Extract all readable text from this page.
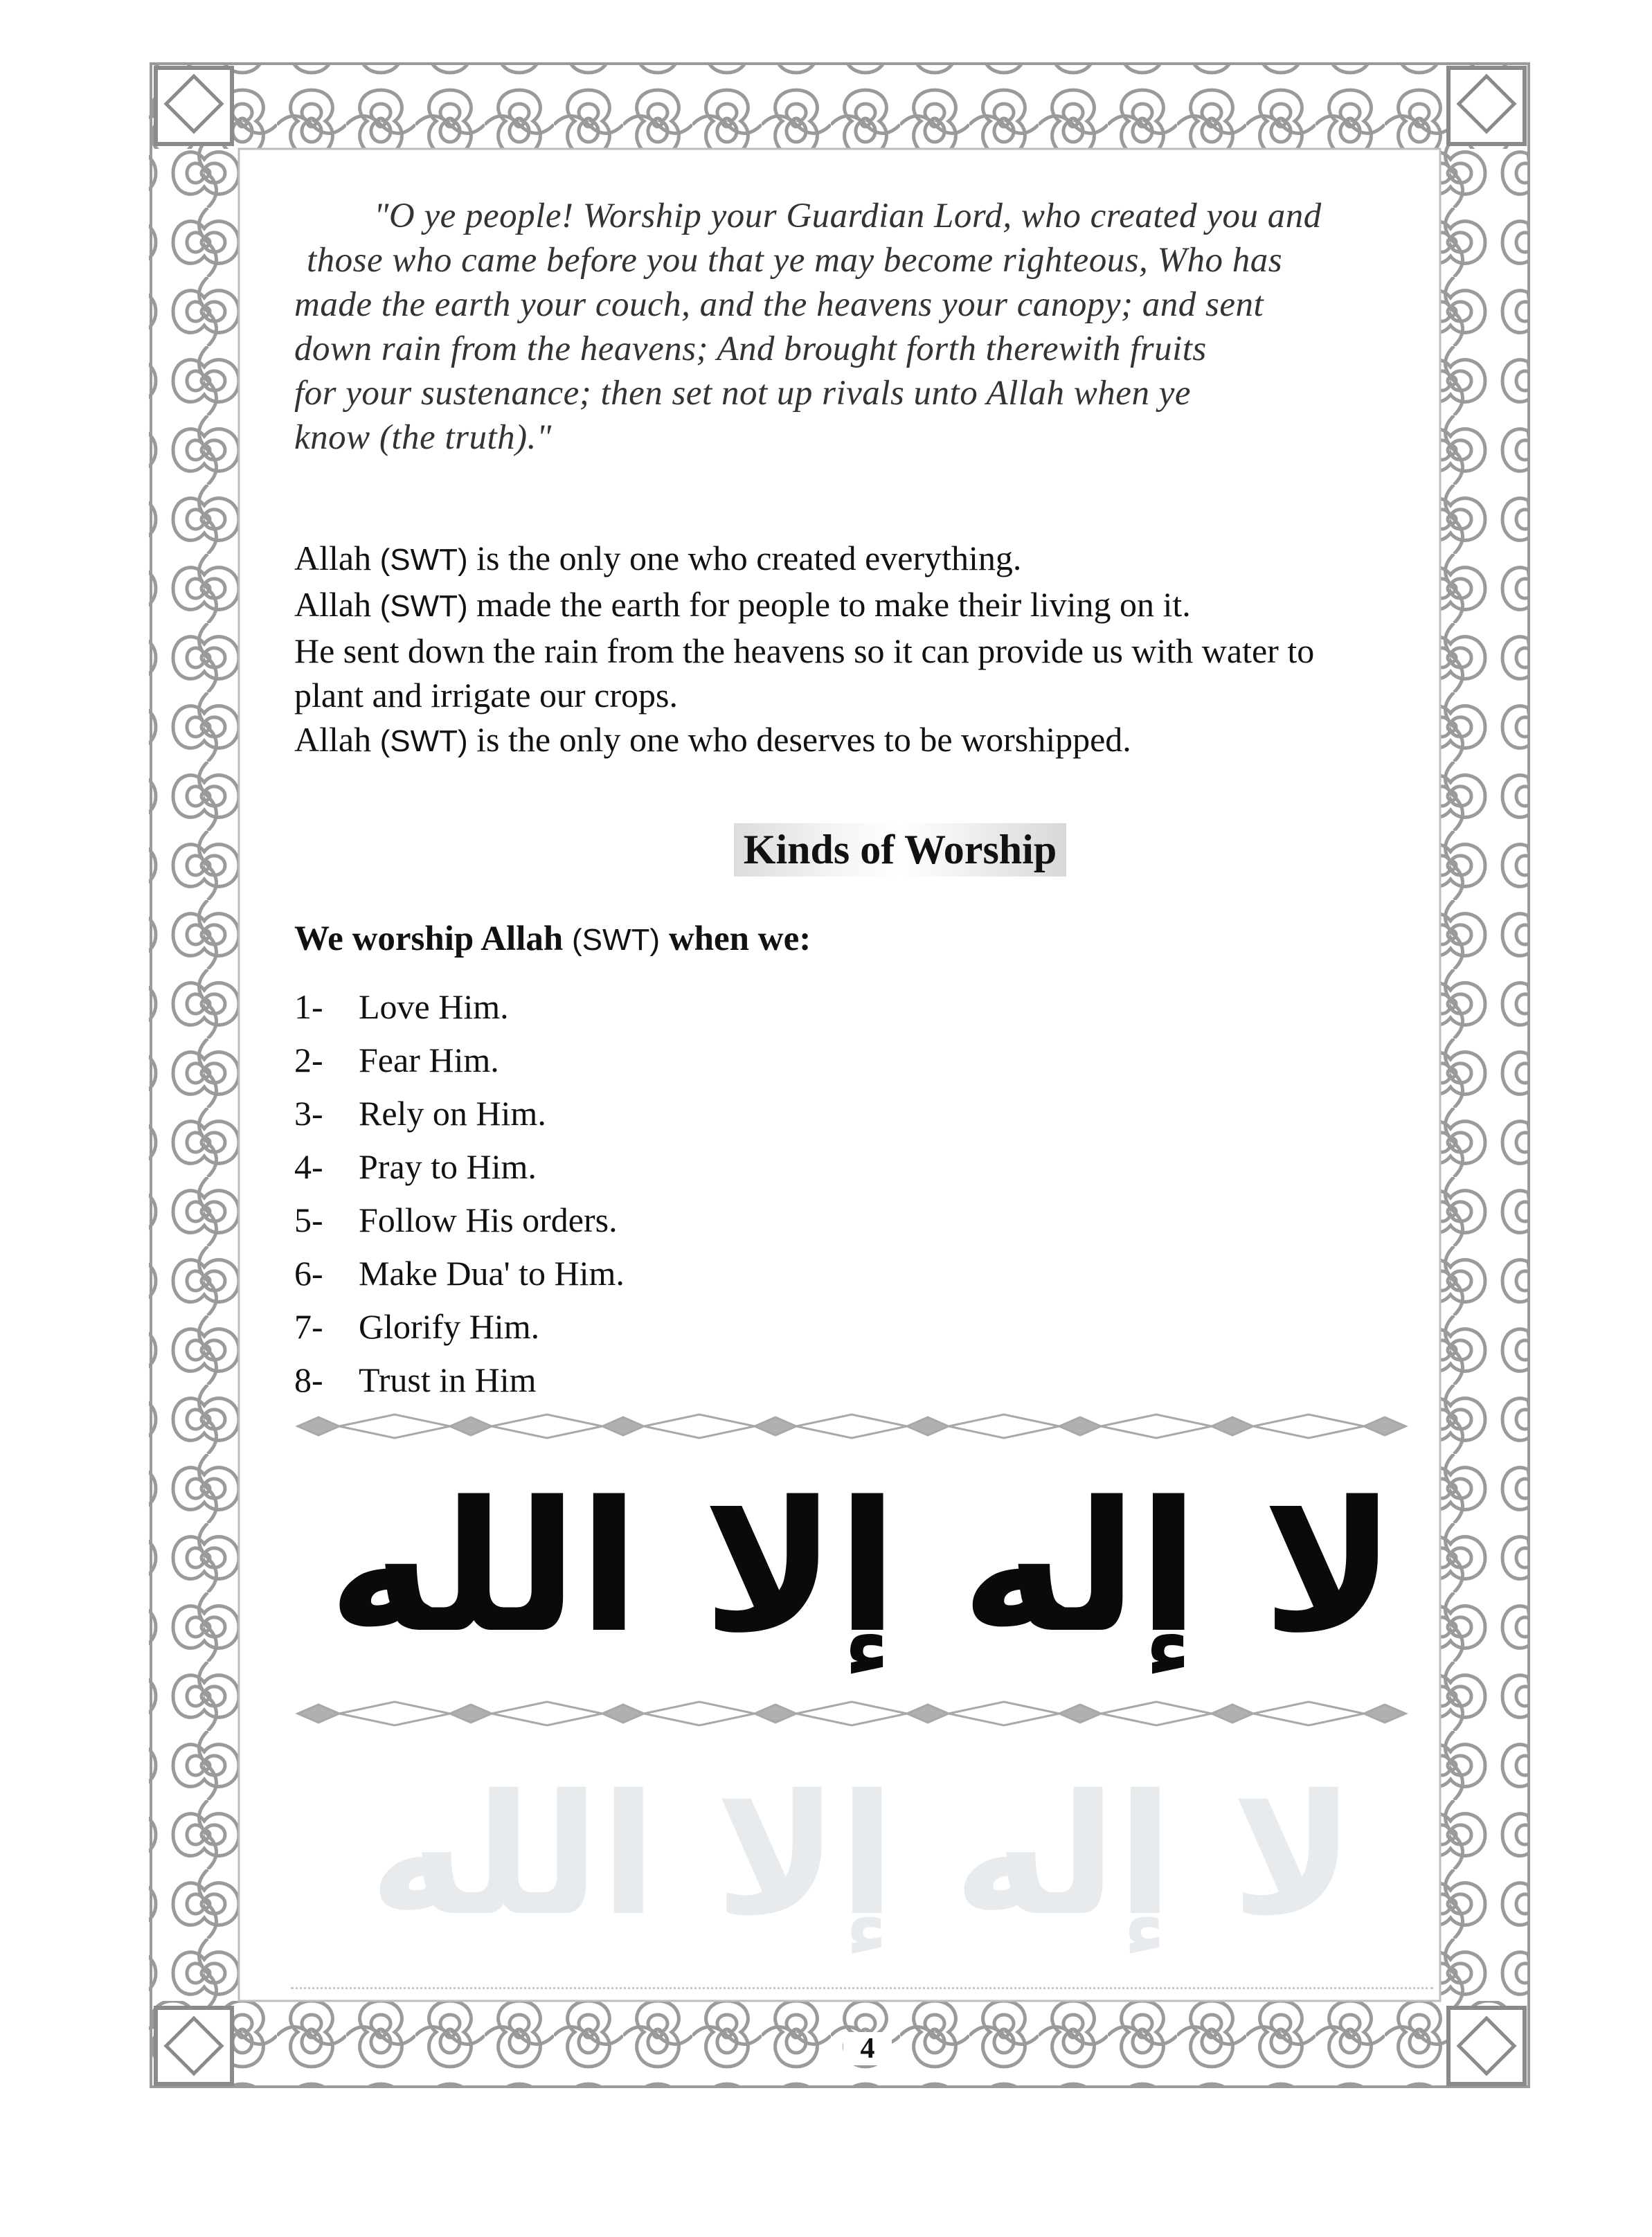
"O ye people! Worship your Guardian Lord, who created you and
those who came before you that ye may become righteous, Who has
made the earth your couch, and the heavens your canopy; and sent
down rain from the heavens; And brought forth therewith fruits
for your sustenance; then set not up rivals unto Allah when ye
know (the truth)."
Allah (SWT) is the only one who created everything.
Allah (SWT) made the earth for people to make their living on it.
He sent down the rain from the heavens so it can provide us with water to
plant and irrigate our crops.
Allah (SWT) is the only one who deserves to be worshipped.
Kinds of Worship
We worship Allah (SWT) when we:
1-	Love Him.
2-	Fear Him.
3-	Rely on Him.
4-	Pray to Him.
5-	Follow His orders.
6-	Make Dua' to Him.
7-	Glorify Him.
8-	Trust in Him
لا إله إلا الله
لا إله إلا الله
4
